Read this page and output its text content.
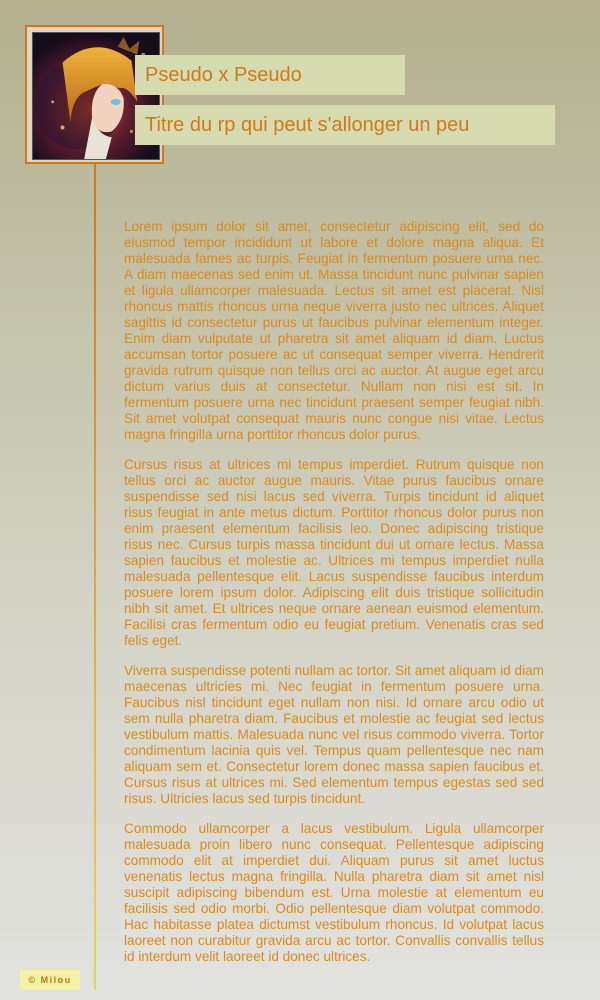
Pseudo x Pseudo
Titre du rp qui peut s'allonger un peu

Lorem ipsum dolor sit amet, consectetur adipiscing elit, sed do eiusmod tempor incididunt ut labore et dolore magna aliqua. Et malesuada fames ac turpis. Feugiat in fermentum posuere urna nec. A diam maecenas sed enim ut. Massa tincidunt nunc pulvinar sapien et ligula ullamcorper malesuada. Lectus sit amet est placerat. Nisl rhoncus mattis rhoncus urna neque viverra justo nec ultrices. Aliquet sagittis id consectetur purus ut faucibus pulvinar elementum integer. Enim diam vulputate ut pharetra sit amet aliquam id diam. Luctus accumsan tortor posuere ac ut consequat semper viverra. Hendrerit gravida rutrum quisque non tellus orci ac auctor. At augue eget arcu dictum varius duis at consectetur. Nullam non nisi est sit. In fermentum posuere urna nec tincidunt praesent semper feugiat nibh. Sit amet volutpat consequat mauris nunc congue nisi vitae. Lectus magna fringilla urna porttitor rhoncus dolor purus.

Cursus risus at ultrices mi tempus imperdiet. Rutrum quisque non tellus orci ac auctor augue mauris. Vitae purus faucibus ornare suspendisse sed nisi lacus sed viverra. Turpis tincidunt id aliquet risus feugiat in ante metus dictum. Porttitor rhoncus dolor purus non enim praesent elementum facilisis leo. Donec adipiscing tristique risus nec. Cursus turpis massa tincidunt dui ut ornare lectus. Massa sapien faucibus et molestie ac. Ultrices mi tempus imperdiet nulla malesuada pellentesque elit. Lacus suspendisse faucibus interdum posuere lorem ipsum dolor. Adipiscing elit duis tristique sollicitudin nibh sit amet. Et ultrices neque ornare aenean euismod elementum. Facilisi cras fermentum odio eu feugiat pretium. Venenatis cras sed felis eget.

Viverra suspendisse potenti nullam ac tortor. Sit amet aliquam id diam maecenas ultricies mi. Nec feugiat in fermentum posuere urna. Faucibus nisl tincidunt eget nullam non nisi. Id ornare arcu odio ut sem nulla pharetra diam. Faucibus et molestie ac feugiat sed lectus vestibulum mattis. Malesuada nunc vel risus commodo viverra. Tortor condimentum lacinia quis vel. Tempus quam pellentesque nec nam aliquam sem et. Consectetur lorem donec massa sapien faucibus et. Cursus risus at ultrices mi. Sed elementum tempus egestas sed sed risus. Ultricies lacus sed turpis tincidunt.

Commodo ullamcorper a lacus vestibulum. Ligula ullamcorper malesuada proin libero nunc consequat. Pellentesque adipiscing commodo elit at imperdiet dui. Aliquam purus sit amet luctus venenatis lectus magna fringilla. Nulla pharetra diam sit amet nisl suscipit adipiscing bibendum est. Urna molestie at elementum eu facilisis sed odio morbi. Odio pellentesque diam volutpat commodo. Hac habitasse platea dictumst vestibulum rhoncus. Id volutpat lacus laoreet non curabitur gravida arcu ac tortor. Convallis convallis tellus id interdum velit laoreet id donec ultrices.

© Milou
